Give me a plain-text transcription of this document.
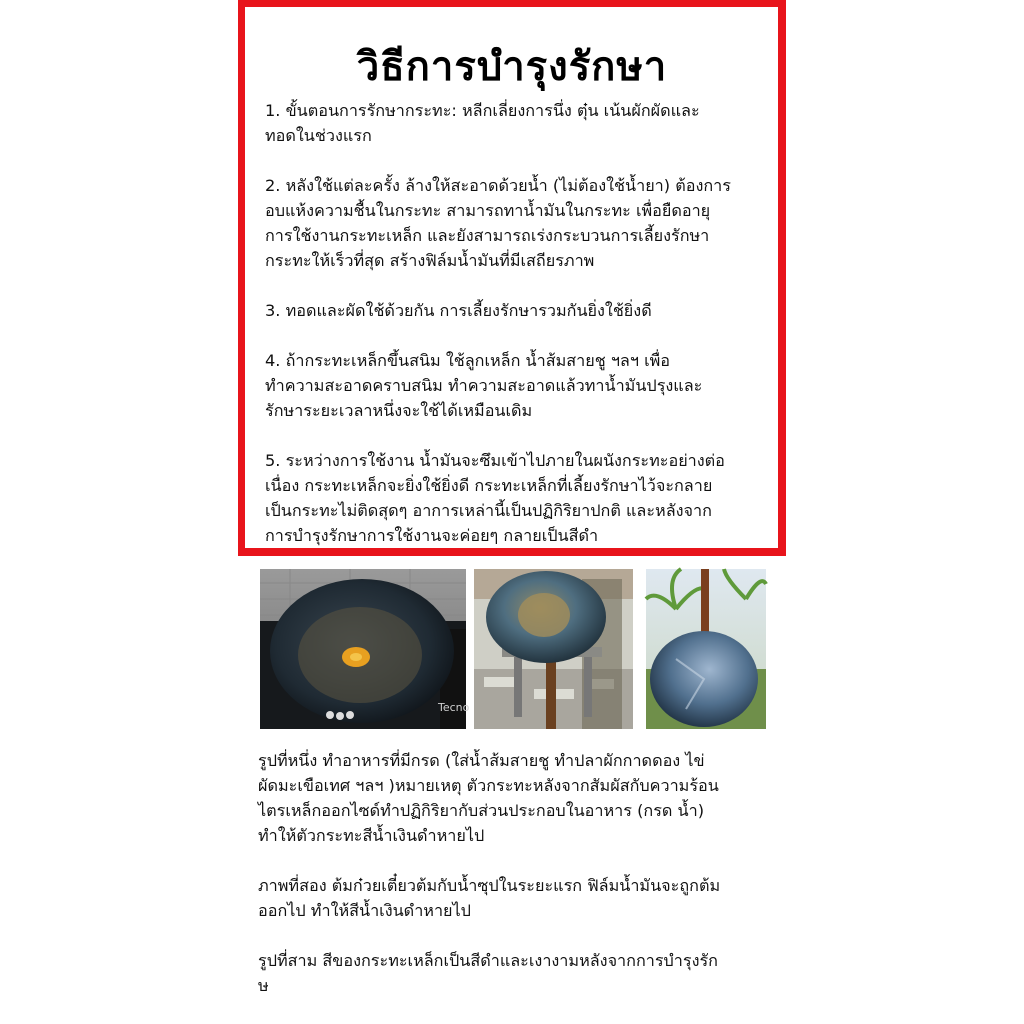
วิธีการบำรุงรักษา

1. ขั้นตอนการรักษากระทะ: หลีกเลี่ยงการนึ่ง ตุ๋น เน้นผักผัดและ
ทอดในช่วงแรก

2. หลังใช้แต่ละครั้ง ล้างให้สะอาดด้วยน้ำ (ไม่ต้องใช้น้ำยา) ต้องการ
อบแห้งความชื้นในกระทะ สามารถทาน้ำมันในกระทะ เพื่อยืดอายุ
การใช้งานกระทะเหล็ก และยังสามารถเร่งกระบวนการเลี้ยงรักษา
กระทะให้เร็วที่สุด สร้างฟิล์มน้ำมันที่มีเสถียรภาพ

3. ทอดและผัดใช้ด้วยกัน การเลี้ยงรักษารวมกันยิ่งใช้ยิ่งดี

4. ถ้ากระทะเหล็กขึ้นสนิม ใช้ลูกเหล็ก น้ำส้มสายชู ฯลฯ เพื่อ
ทำความสะอาดคราบสนิม ทำความสะอาดแล้วทาน้ำมันปรุงและ
รักษาระยะเวลาหนึ่งจะใช้ได้เหมือนเดิม

5. ระหว่างการใช้งาน น้ำมันจะซึมเข้าไปภายในผนังกระทะอย่างต่อ
เนื่อง กระทะเหล็กจะยิ่งใช้ยิ่งดี กระทะเหล็กที่เลี้ยงรักษาไว้จะกลาย
เป็นกระทะไม่ติดสุดๆ อาการเหล่านี้เป็นปฏิกิริยาปกติ และหลังจาก
การบำรุงรักษาการใช้งานจะค่อยๆ กลายเป็นสีดำ

Tecno

รูปที่หนึ่ง ทำอาหารที่มีกรด (ใส่น้ำส้มสายชู ทำปลาผักกาดดอง ไข่
ผัดมะเขือเทศ ฯลฯ )หมายเหตุ ตัวกระทะหลังจากสัมผัสกับความร้อน
ไตรเหล็กออกไซด์ทำปฏิกิริยากับส่วนประกอบในอาหาร (กรด น้ำ)
ทำให้ตัวกระทะสีน้ำเงินดำหายไป

ภาพที่สอง ต้มก๋วยเตี๋ยวต้มกับน้ำซุปในระยะแรก ฟิล์มน้ำมันจะถูกต้ม
ออกไป ทำให้สีน้ำเงินดำหายไป

รูปที่สาม สีของกระทะเหล็กเป็นสีดำและเงางามหลังจากการบำรุงรัก
ษ
